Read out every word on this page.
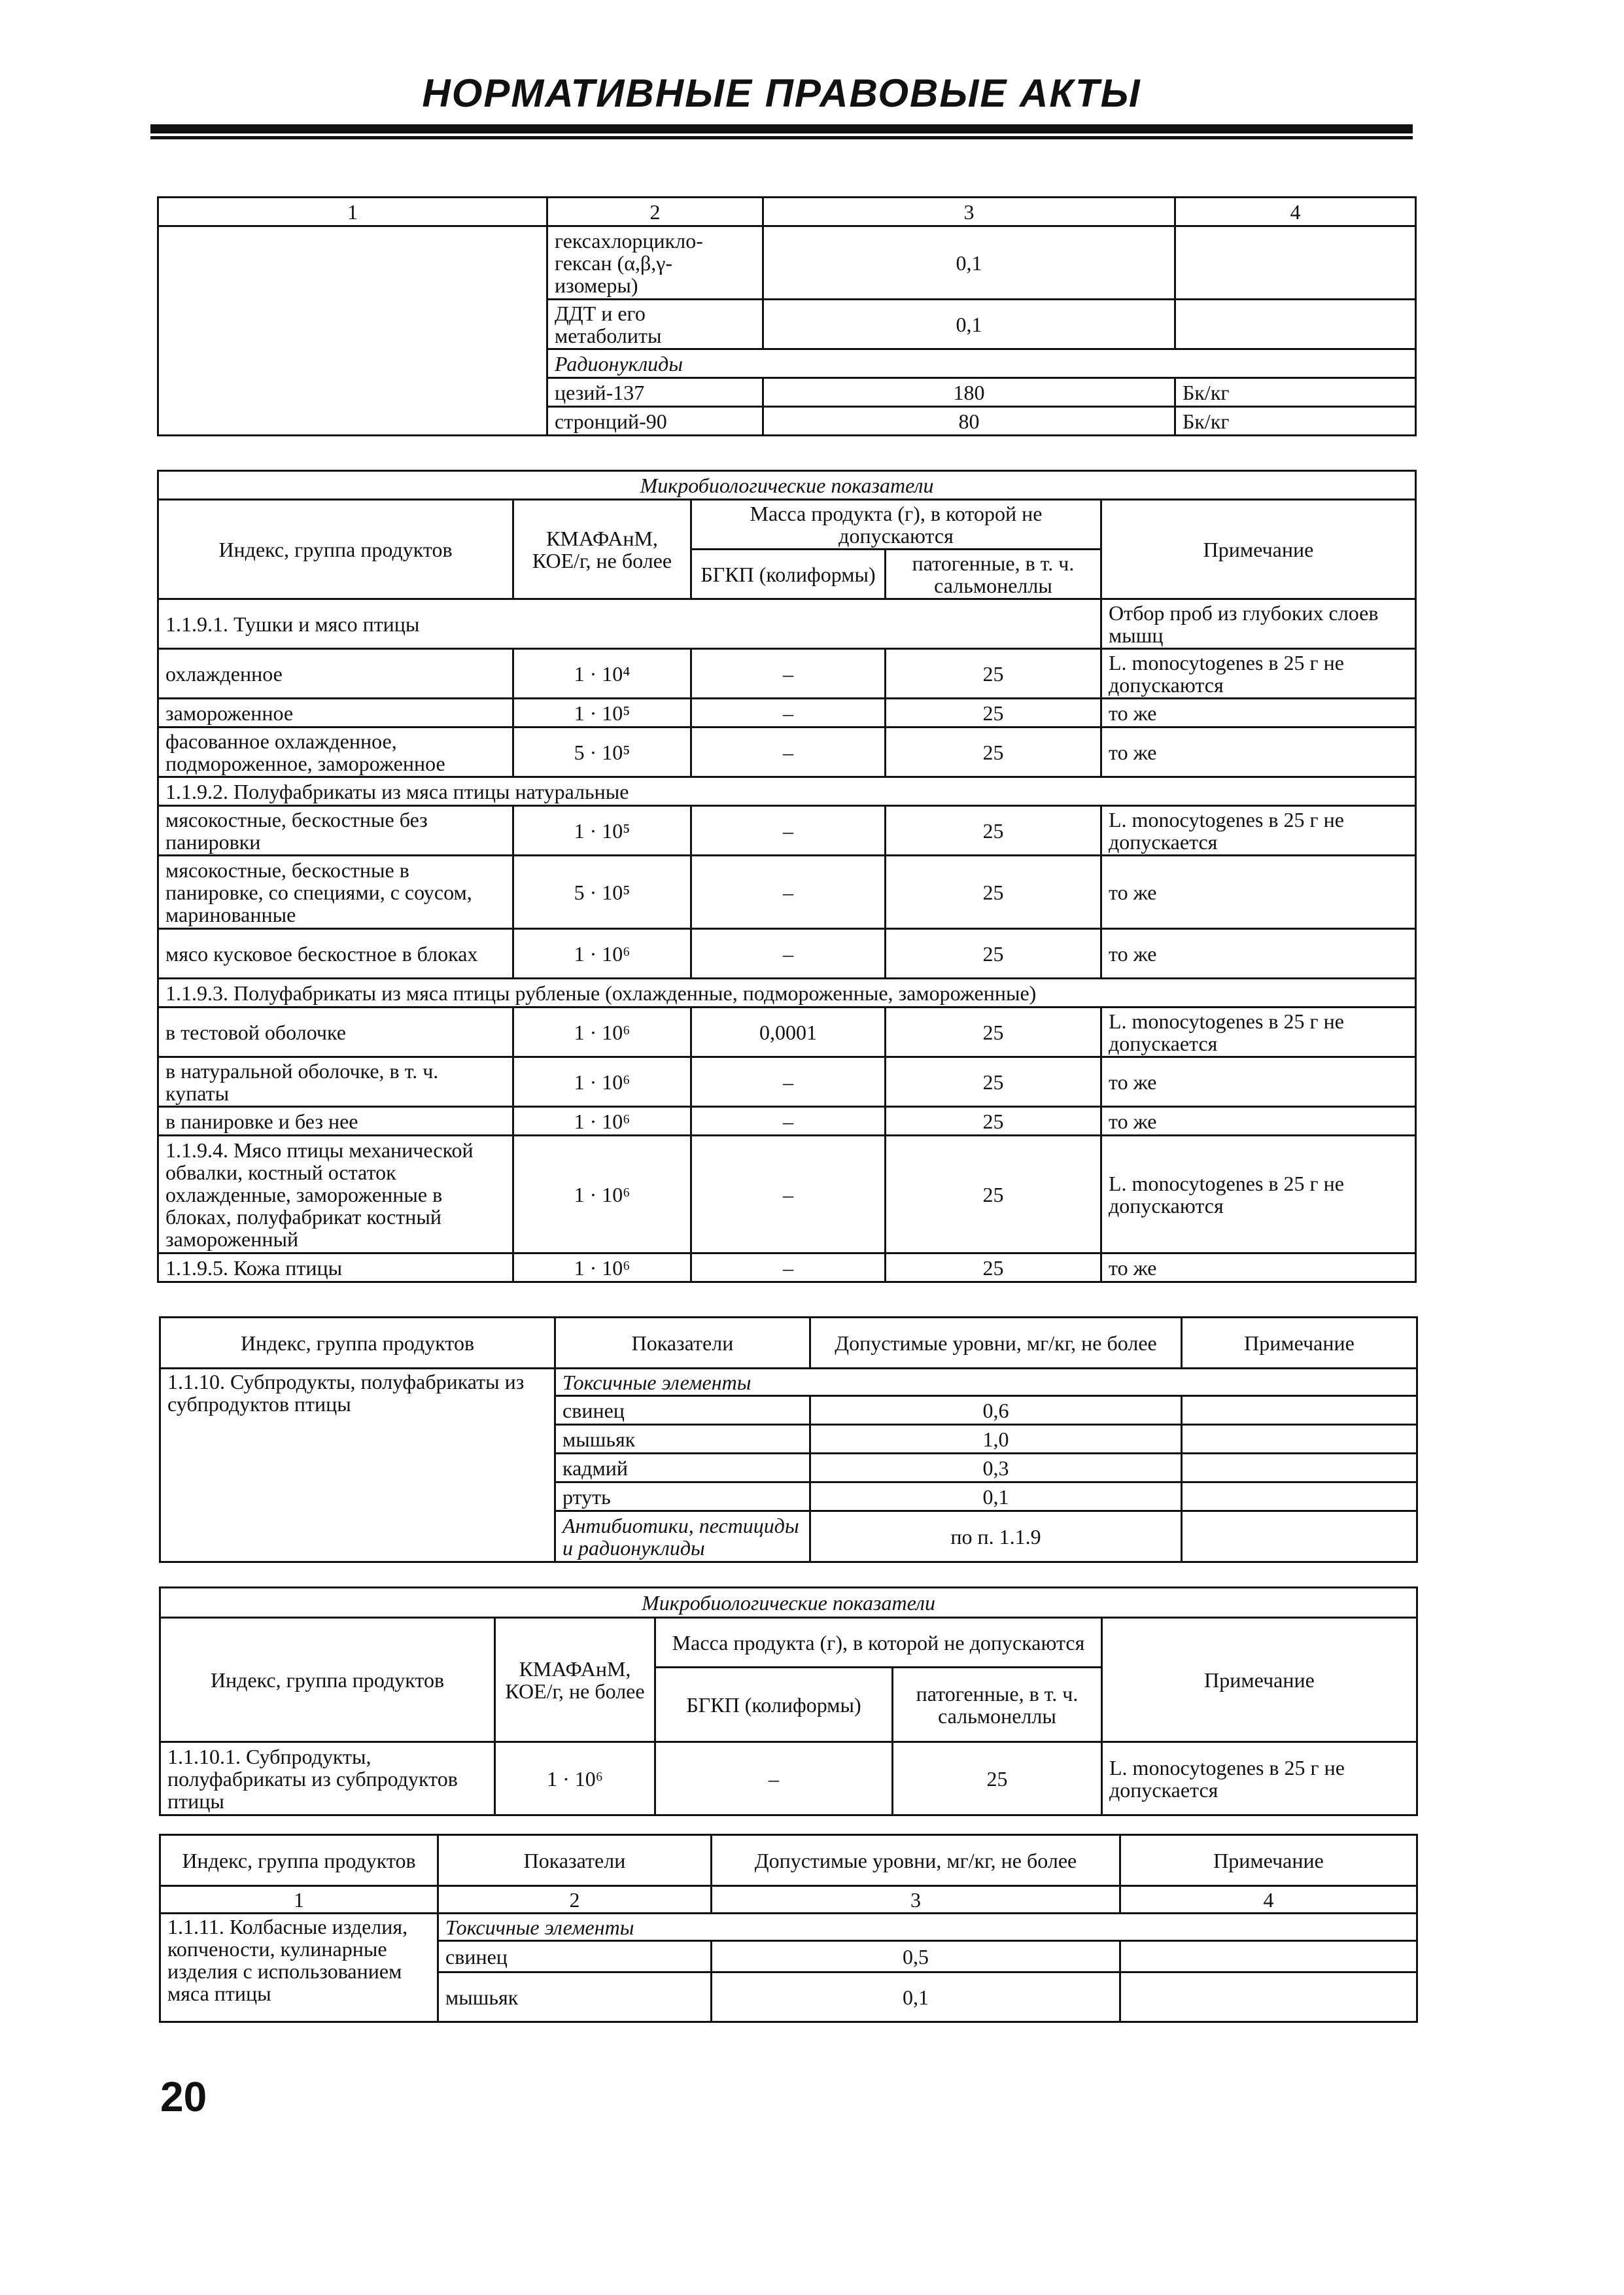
НОРМАТИВНЫЕ ПРАВОВЫЕ АКТЫ
1	2	3	4
	гексахлорцикло-гексан (α,β,γ-изомеры)	0,1	
	ДДТ и его метаболиты	0,1	
	Радионуклиды		
	цезий-137	180	Бк/кг
	стронций-90	80	Бк/кг
Микробиологические показатели				
Индекс, группа продуктов	КМАФАнМ, КОЕ/г, не более	Масса продукта (г), в которой не допускаются		Примечание
		БГКП (колиформы)	патогенные, в т. ч. сальмонеллы	
1.1.9.1. Тушки и мясо птицы				Отбор проб из глубоких слоев мышц
охлажденное	1 · 10⁴	–	25	L. monocytogenes в 25 г не допускаются
замороженное	1 · 10⁵	–	25	то же
фасованное охлажденное, подмороженное, замороженное	5 · 10⁵	–	25	то же
1.1.9.2. Полуфабрикаты из мяса птицы натуральные				
мясокостные, бескостные без панировки	1 · 10⁵	–	25	L. monocytogenes в 25 г не допускается
мясокостные, бескостные в панировке, со специями, с соусом, маринованные	5 · 10⁵	–	25	то же
мясо кусковое бескостное в блоках	1 · 10⁶	–	25	то же
1.1.9.3. Полуфабрикаты из мяса птицы рубленые (охлажденные, подмороженные, замороженные)				
в тестовой оболочке	1 · 10⁶	0,0001	25	L. monocytogenes в 25 г не допускается
в натуральной оболочке, в т. ч. купаты	1 · 10⁶	–	25	то же
в панировке и без нее	1 · 10⁶	–	25	то же
1.1.9.4. Мясо птицы механической обвалки, костный остаток охлажденные, замороженные в блоках, полуфабрикат костный замороженный	1 · 10⁶	–	25	L. monocytogenes в 25 г не допускаются
1.1.9.5. Кожа птицы	1 · 10⁶	–	25	то же
Индекс, группа продуктов	Показатели	Допустимые уровни, мг/кг, не более	Примечание
1.1.10. Субпродукты, полуфабрикаты из субпродуктов птицы	Токсичные элементы		
	свинец	0,6	
	мышьяк	1,0	
	кадмий	0,3	
	ртуть	0,1	
	Антибиотики, пестициды и радионуклиды	по п. 1.1.9	
Микробиологические показатели				
Индекс, группа продуктов	КМАФАнМ, КОЕ/г, не более	Масса продукта (г), в которой не допускаются		Примечание
		БГКП (колиформы)	патогенные, в т. ч. сальмонеллы	
1.1.10.1. Субпродукты, полуфабрикаты из субпродуктов птицы	1 · 10⁶	–	25	L. monocytogenes в 25 г не допускается
Индекс, группа продуктов	Показатели	Допустимые уровни, мг/кг, не более	Примечание
1	2	3	4
1.1.11. Колбасные изделия, копчености, кулинарные изделия с использованием мяса птицы	Токсичные элементы		
	свинец	0,5	
	мышьяк	0,1	
20
